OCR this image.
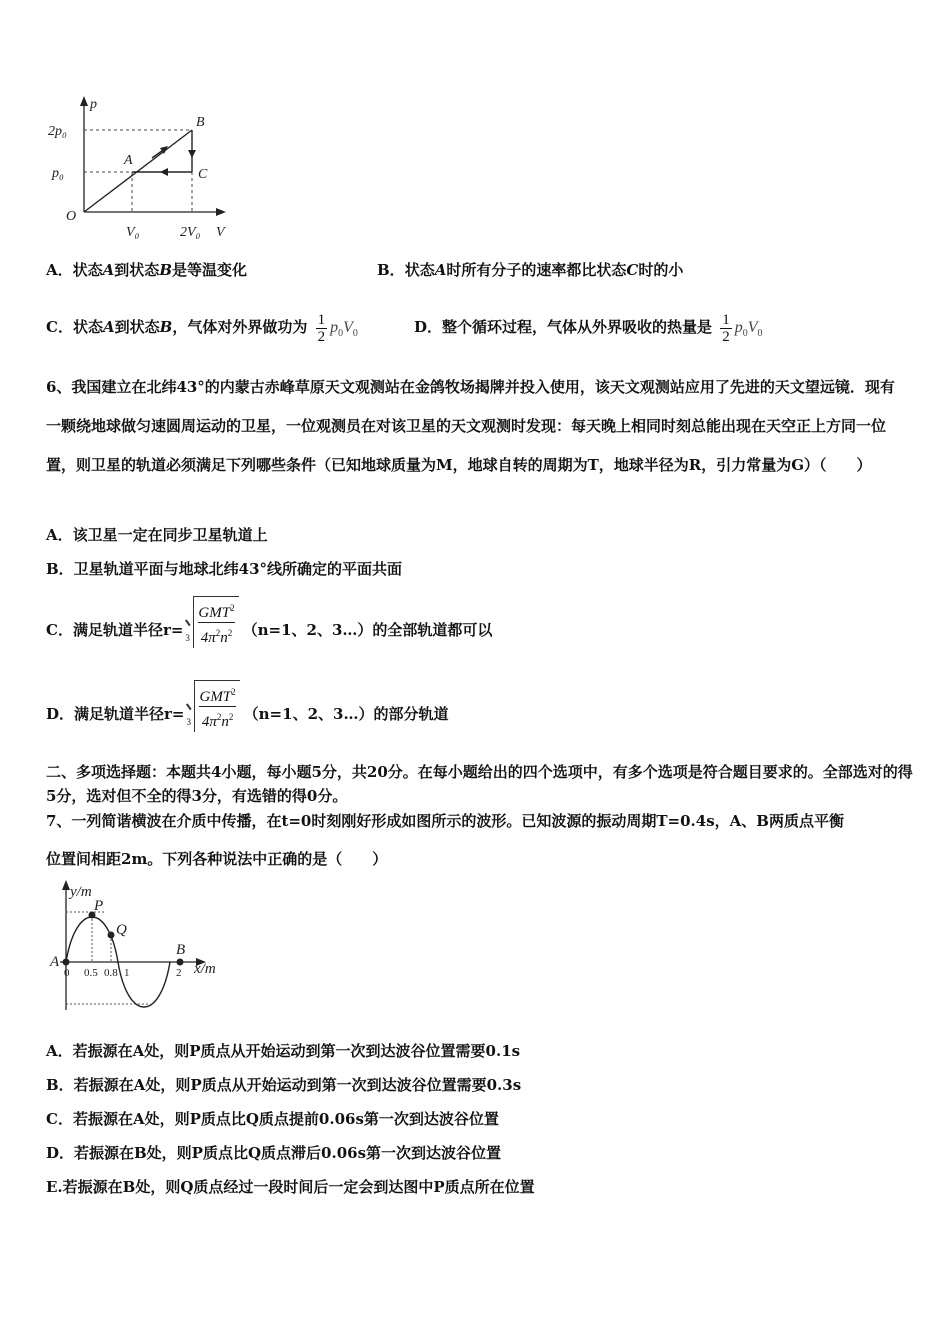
p
V
O
2p₀
p₀
V₀	2V₀
A
B
C
A．状态A到状态B是等温变化	B．状态A时所有分子的速率都比状态C时的小
C．状态A到状态B，气体对外界做功为 $\frac{1}{2} p_0V_0$	D．整个循环过程，气体从外界吸收的热量是 $\frac{1}{2} p_0V_0$
6、我国建立在北纬43°的内蒙古赤峰草原天文观测站在金鸽牧场揭牌并投入使用，该天文观测站应用了先进的天文望远镜．现有一颗绕地球做匀速圆周运动的卫星，一位观测员在对该卫星的天文观测时发现：每天晚上相同时刻总能出现在天空正上方同一位置，则卫星的轨道必须满足下列哪些条件（已知地球质量为M，地球自转的周期为T，地球半径为R，引力常量为G）（　　）
A．该卫星一定在同步卫星轨道上
B．卫星轨道平面与地球北纬43°线所确定的平面共面
C．满足轨道半径r= 3
GMT$^2$
$4\pi^2n^2$ （n=1、2、3…）的全部轨道都可以
D．满足轨道半径r= 3
GMT$^2$
$4\pi^2n^2$ （n=1、2、3…）的部分轨道
二、多项选择题：本题共4小题，每小题5分，共20分。在每小题给出的四个选项中，有多个选项是符合题目要求的。全部选对的得5分，选对但不全的得3分，有选错的得0分。
7、一列简谐横波在介质中传播，在t=0时刻刚好形成如图所示的波形。已知波源的振动周期T=0.4s，A、B两质点平衡
位置间相距2m。下列各种说法中正确的是（　　）
y/m
x/m
P
Q
A
B
0 0.5 0.8 1	2
A．若振源在A处，则P质点从开始运动到第一次到达波谷位置需要0.1s
B．若振源在A处，则P质点从开始运动到第一次到达波谷位置需要0.3s
C．若振源在A处，则P质点比Q质点提前0.06s第一次到达波谷位置
D．若振源在B处，则P质点比Q质点滞后0.06s第一次到达波谷位置
E.若振源在B处，则Q质点经过一段时间后一定会到达图中P质点所在位置
